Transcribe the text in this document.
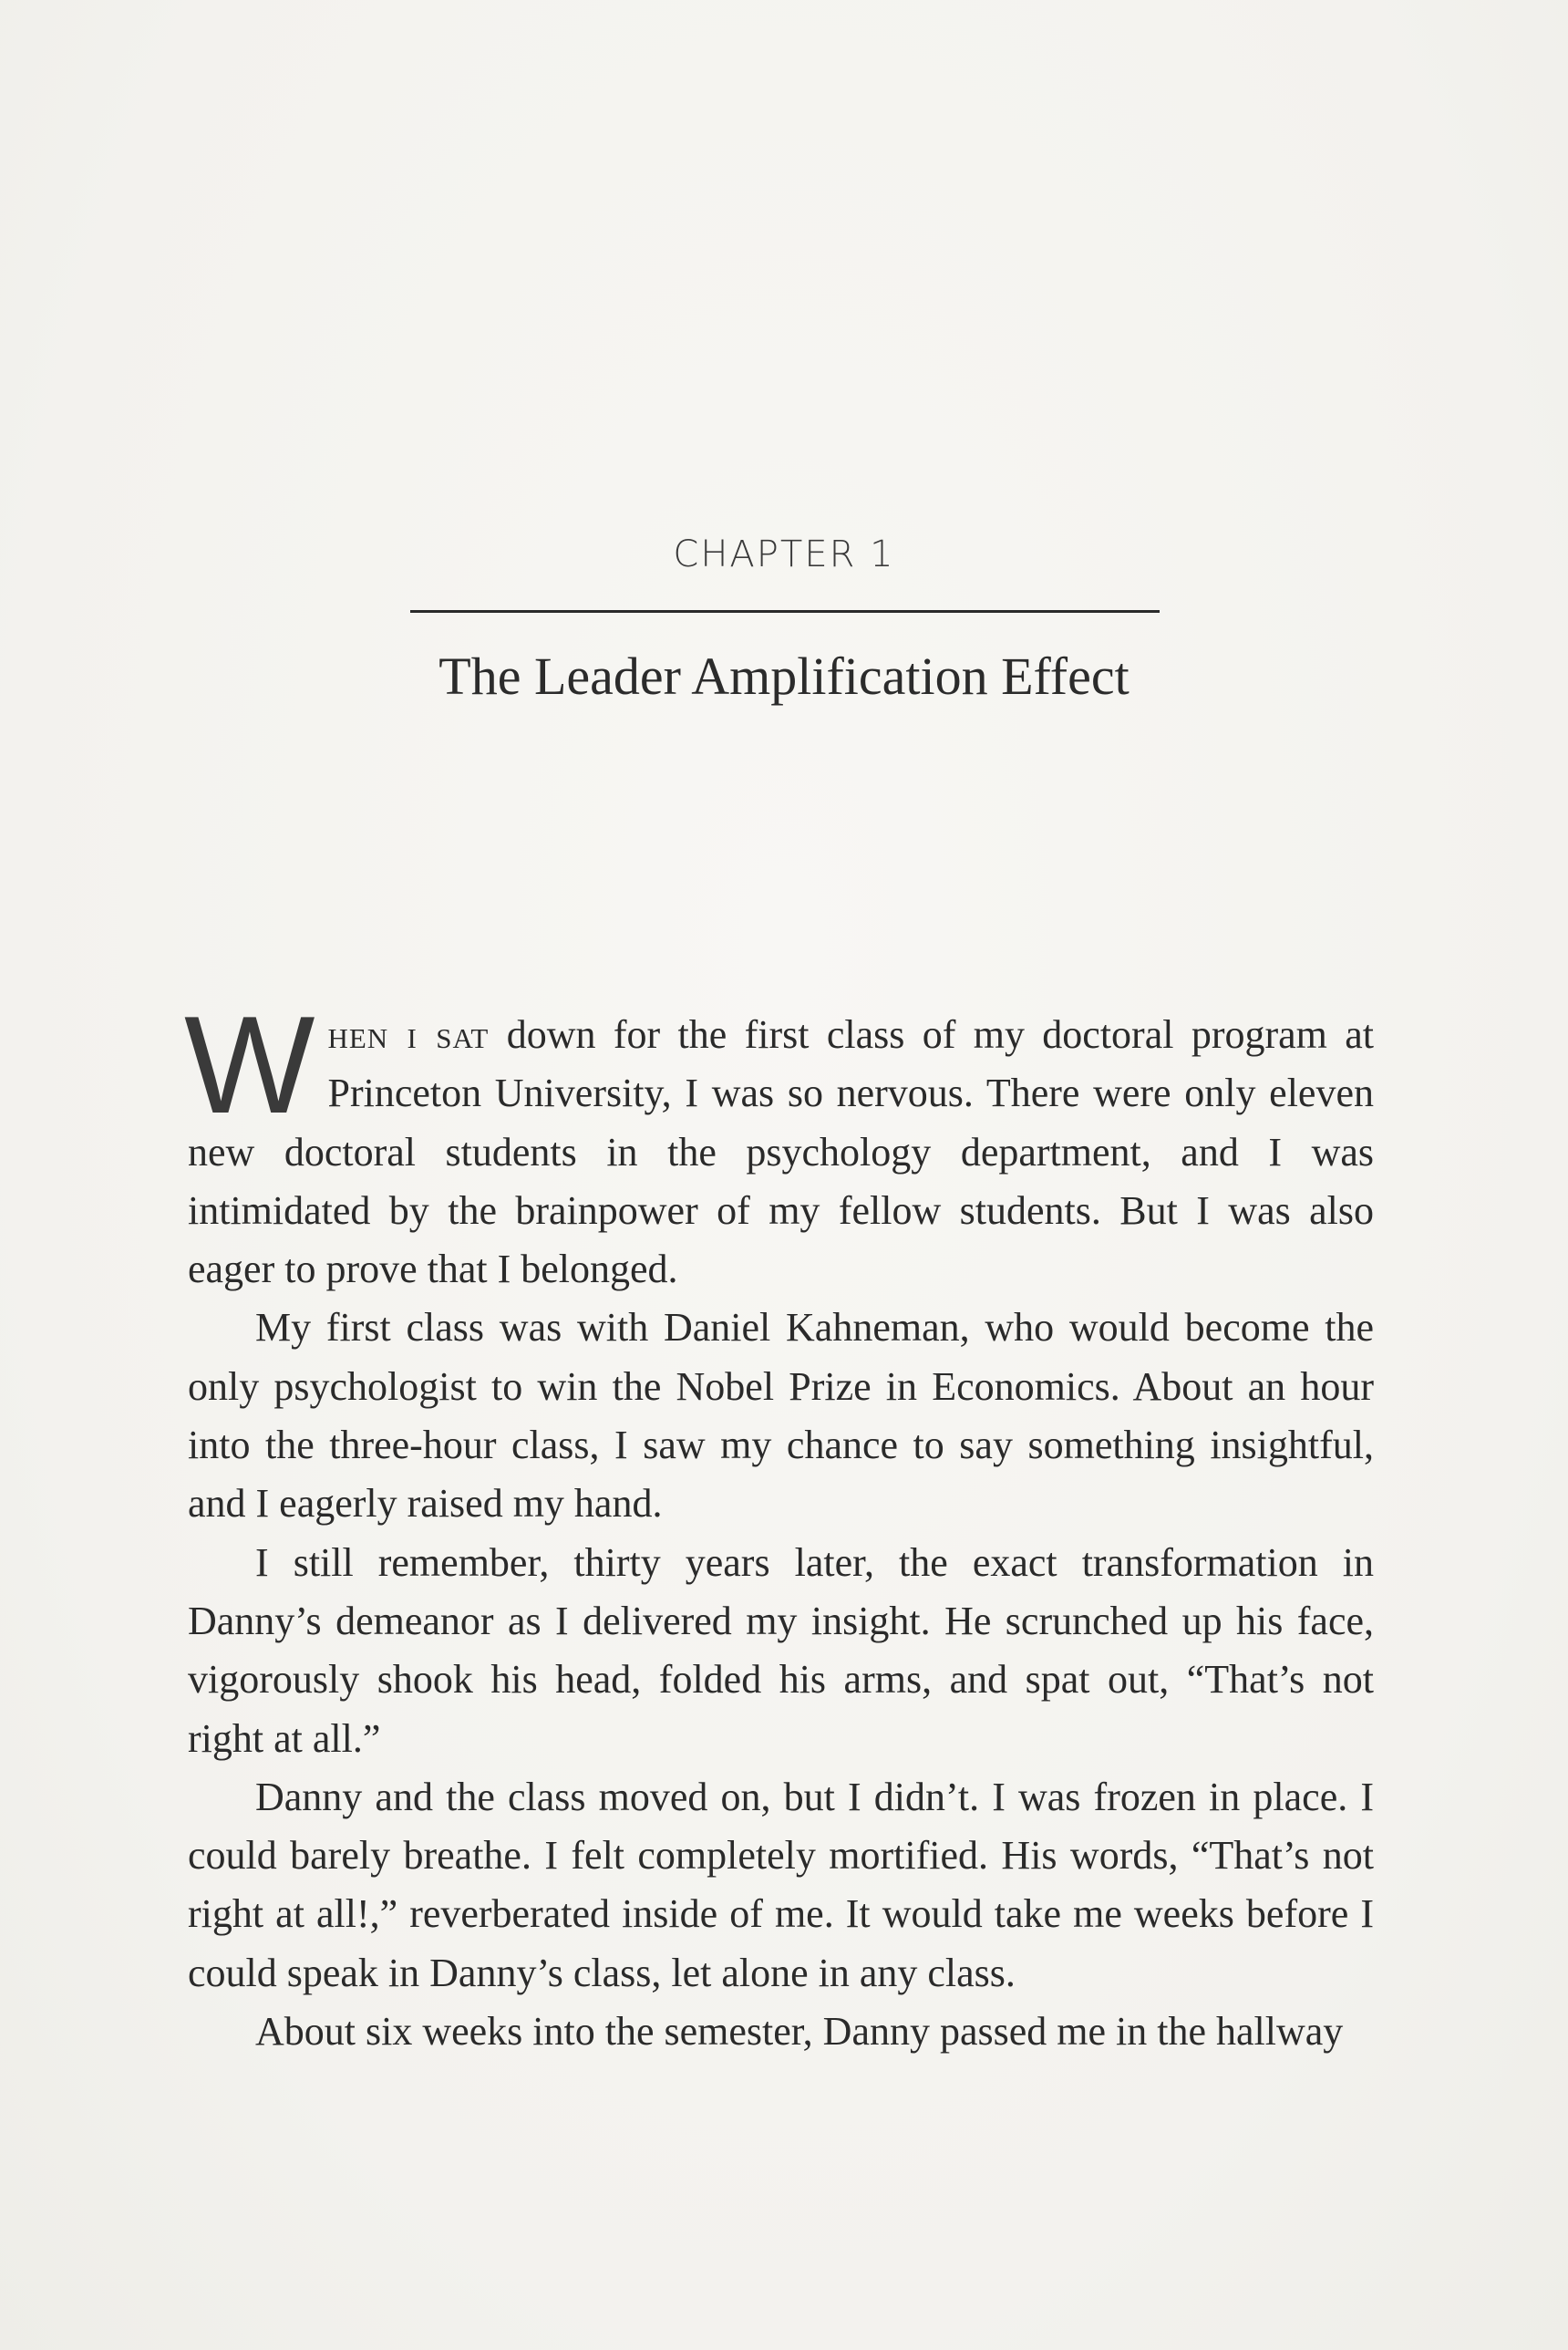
CHAPTER 1
The Leader Amplification Effect

When i sat down for the first class of my doctoral program at Princeton University, I was so nervous. There were only eleven new doctoral students in the psychology department, and I was intimidated by the brainpower of my fellow students. But I was also eager to prove that I belonged.

My first class was with Daniel Kahneman, who would become the only psychologist to win the Nobel Prize in Economics. About an hour into the three-hour class, I saw my chance to say something insightful, and I eagerly raised my hand.

I still remember, thirty years later, the exact transformation in Danny’s demeanor as I delivered my insight. He scrunched up his face, vigorously shook his head, folded his arms, and spat out, “That’s not right at all.”

Danny and the class moved on, but I didn’t. I was frozen in place. I could barely breathe. I felt completely mortified. His words, “That’s not right at all!,” reverberated inside of me. It would take me weeks before I could speak in Danny’s class, let alone in any class.

About six weeks into the semester, Danny passed me in the hallway
